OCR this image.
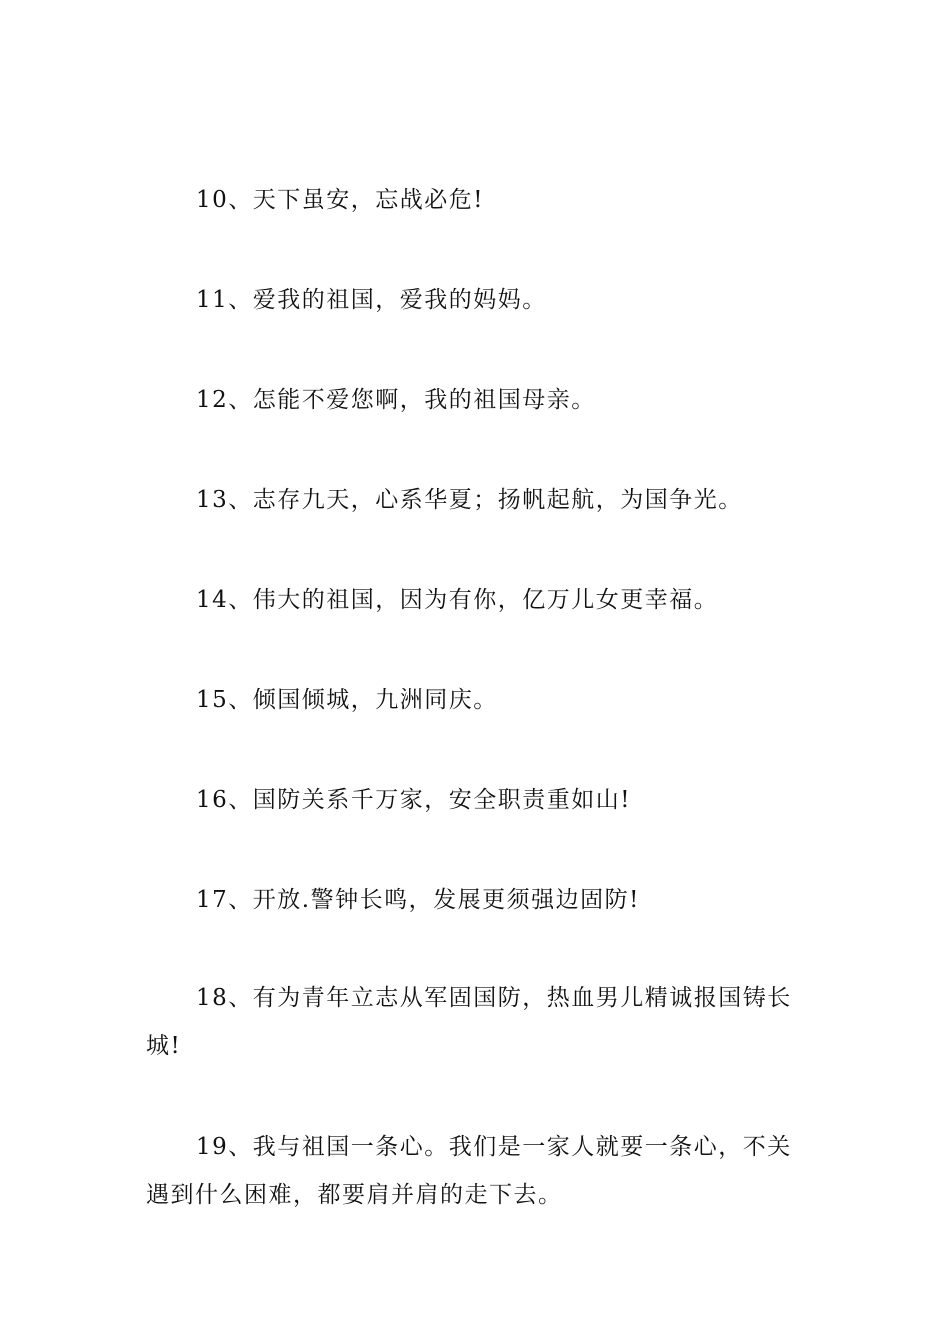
10、天下虽安，忘战必危!

11、爱我的祖国，爱我的妈妈。

12、怎能不爱您啊，我的祖国母亲。

13、志存九天，心系华夏；扬帆起航，为国争光。

14、伟大的祖国，因为有你，亿万儿女更幸福。

15、倾国倾城，九洲同庆。

16、国防关系千万家，安全职责重如山!

17、开放.警钟长鸣，发展更须强边固防!

18、有为青年立志从军固国防，热血男儿精诚报国铸长城!

19、我与祖国一条心。我们是一家人就要一条心，不关遇到什么困难，都要肩并肩的走下去。
